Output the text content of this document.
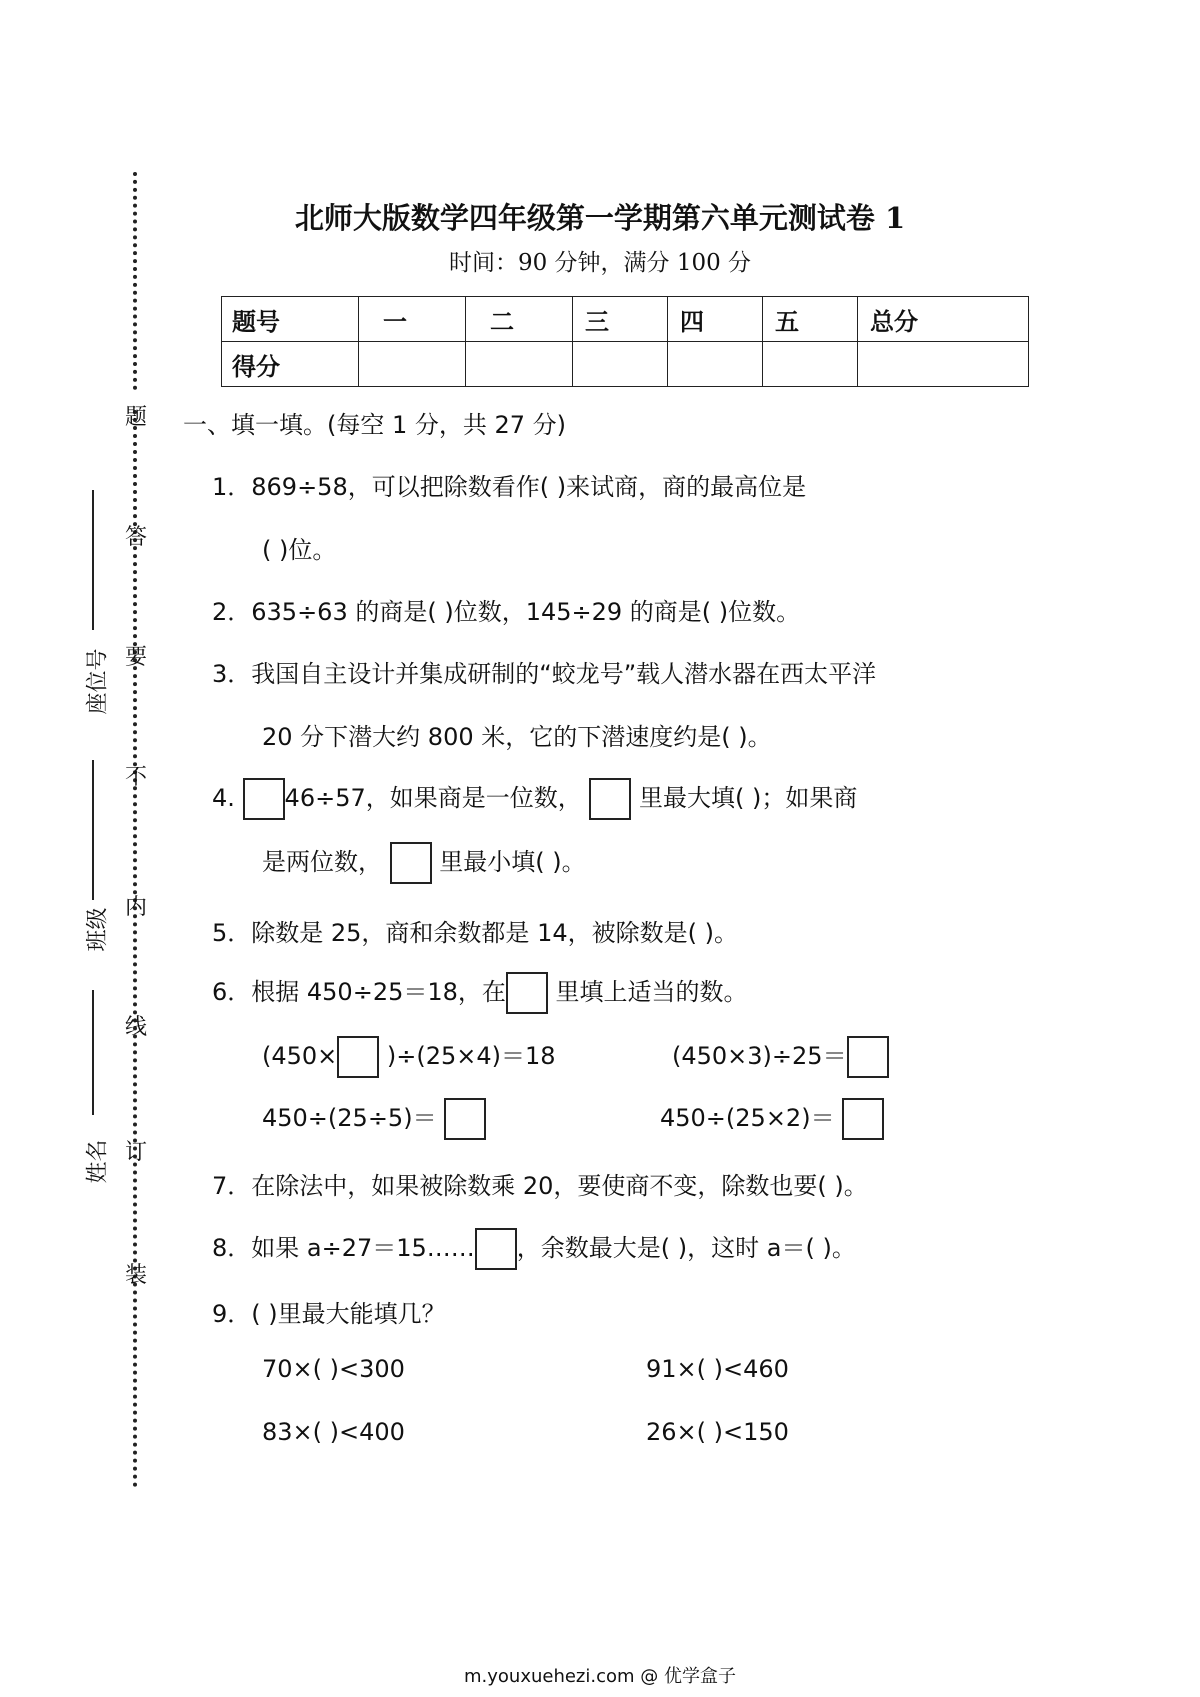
题
答
要
不
内
线
订
装
座位号
班级
姓名
北师大版数学四年级第一学期第六单元测试卷 1
时间：90 分钟，满分 100 分
题号	一	二	三	四	五	总分
得分						
一、填一填。(每空 1 分，共 27 分)
1．869÷58，可以把除数看作( )来试商，商的最高位是
( )位。
2．635÷63 的商是( )位数，145÷29 的商是( )位数。
3．我国自主设计并集成研制的“蛟龙号”载人潜水器在西太平洋
20 分下潜大约 800 米，它的下潜速度约是( )。
4. 46÷57，如果商是一位数， 里最大填( )；如果商
是两位数， 里最小填( )。
5．除数是 25，商和余数都是 14，被除数是( )。
6．根据 450÷25＝18，在 里填上适当的数。
(450× )÷(25×4)＝18	(450×3)÷25＝
450÷(25÷5)＝	450÷(25×2)＝
7．在除法中，如果被除数乘 20，要使商不变，除数也要( )。
8．如果 a÷27＝15…… ，余数最大是( )，这时 a＝( )。
9．( )里最大能填几？
70×( )<300	91×( )<460
83×( )<400	26×( )<150
m.youxuehezi.com @ 优学盒子
